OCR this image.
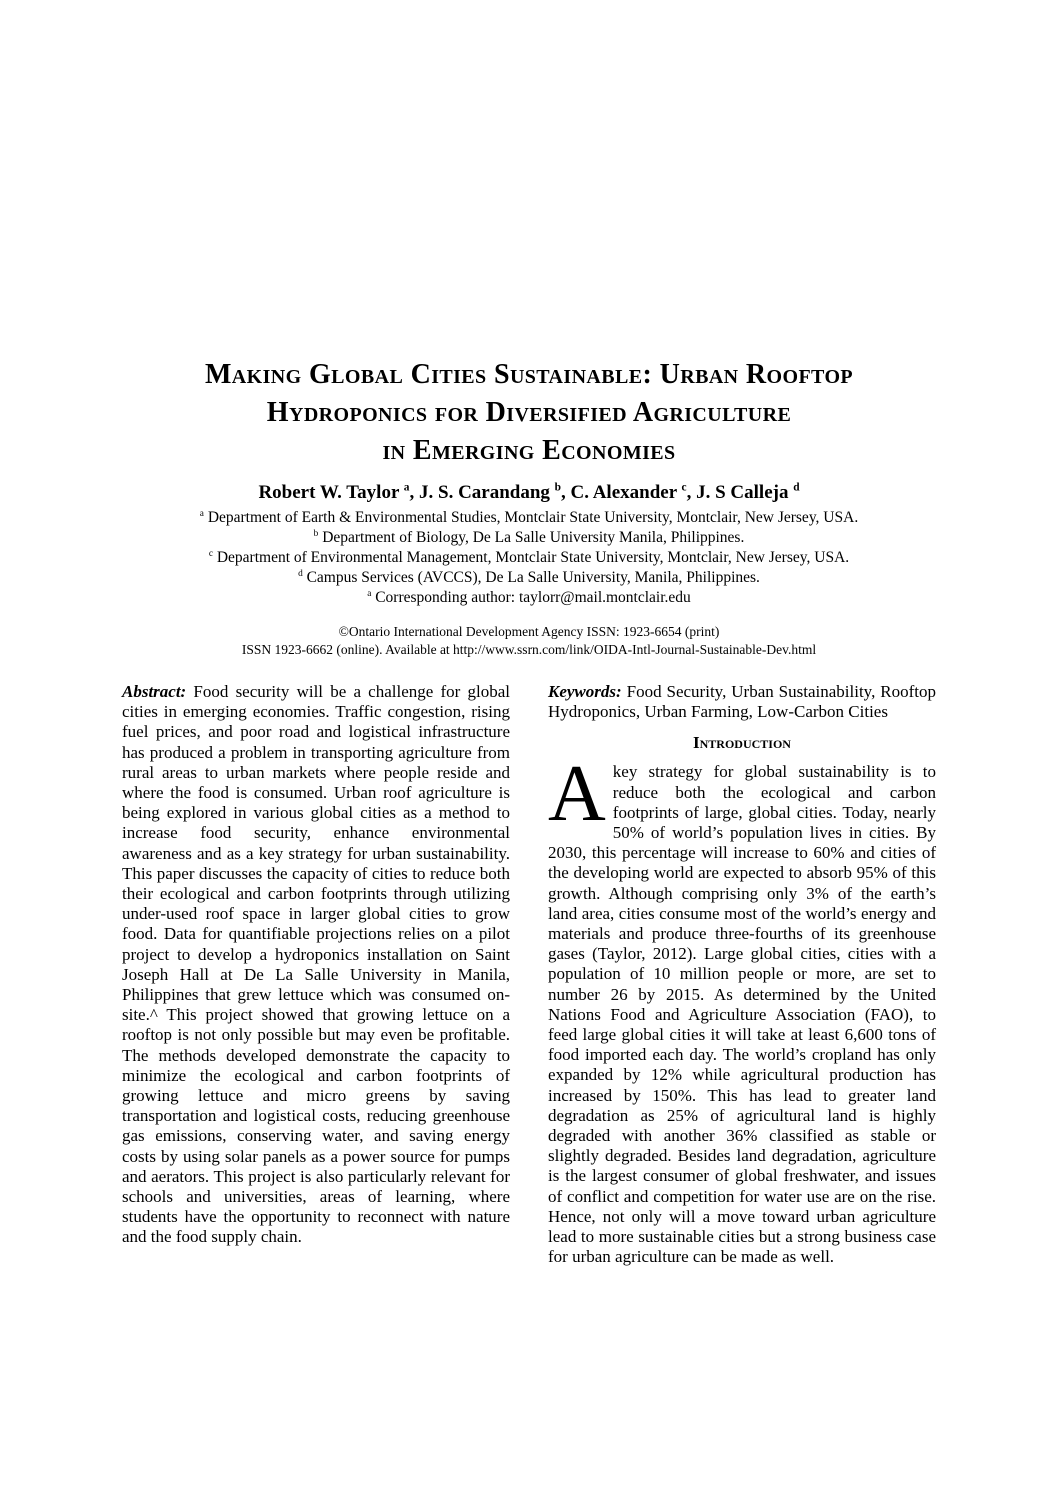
Making Global Cities Sustainable: Urban Rooftop
Hydroponics for Diversified Agriculture
in Emerging Economies
Robert W. Taylor $^a$, J. S. Carandang $^b$, C. Alexander $^c$, J. S Calleja $^d$
$^a$ Department of Earth & Environmental Studies, Montclair State University, Montclair, New Jersey, USA.
$^b$ Department of Biology, De La Salle University Manila, Philippines.
$^c$ Department of Environmental Management, Montclair State University, Montclair, New Jersey, USA.
$^d$ Campus Services (AVCCS), De La Salle University, Manila, Philippines.
$^a$ Corresponding author: taylorr@mail.montclair.edu
©Ontario International Development Agency ISSN: 1923-6654 (print)
ISSN 1923-6662 (online). Available at http://www.ssrn.com/link/OIDA-Intl-Journal-Sustainable-Dev.html

Abstract: Food security will be a challenge for global cities in emerging economies. Traffic congestion, rising fuel prices, and poor road and logistical infrastructure has produced a problem in transporting agriculture from rural areas to urban markets where people reside and where the food is consumed. Urban roof agriculture is being explored in various global cities as a method to increase food security, enhance environmental awareness and as a key strategy for urban sustainability. This paper discusses the capacity of cities to reduce both their ecological and carbon footprints through utilizing under-used roof space in larger global cities to grow food. Data for quantifiable projections relies on a pilot project to develop a hydroponics installation on Saint Joseph Hall at De La Salle University in Manila, Philippines that grew lettuce which was consumed on-site.^ This project showed that growing lettuce on a rooftop is not only possible but may even be profitable. The methods developed demonstrate the capacity to minimize the ecological and carbon footprints of growing lettuce and micro greens by saving transportation and logistical costs, reducing greenhouse gas emissions, conserving water, and saving energy costs by using solar panels as a power source for pumps and aerators. This project is also particularly relevant for schools and universities, areas of learning, where students have the opportunity to reconnect with nature and the food supply chain.

Keywords: Food Security, Urban Sustainability, Rooftop Hydroponics, Urban Farming, Low-Carbon Cities

Introduction

Akey strategy for global sustainability is to reduce both the ecological and carbon footprints of large, global cities. Today, nearly 50% of world’s population lives in cities. By 2030, this percentage will increase to 60% and cities of the developing world are expected to absorb 95% of this growth. Although comprising only 3% of the earth’s land area, cities consume most of the world’s energy and materials and produce three-fourths of its greenhouse gases (Taylor, 2012). Large global cities, cities with a population of 10 million people or more, are set to number 26 by 2015. As determined by the United Nations Food and Agriculture Association (FAO), to feed large global cities it will take at least 6,600 tons of food imported each day. The world’s cropland has only expanded by 12% while agricultural production has increased by 150%. This has lead to greater land degradation as 25% of agricultural land is highly degraded with another 36% classified as stable or slightly degraded. Besides land degradation, agriculture is the largest consumer of global freshwater, and issues of conflict and competition for water use are on the rise. Hence, not only will a move toward urban agriculture lead to more sustainable cities but a strong business case for urban agriculture can be made as well.
